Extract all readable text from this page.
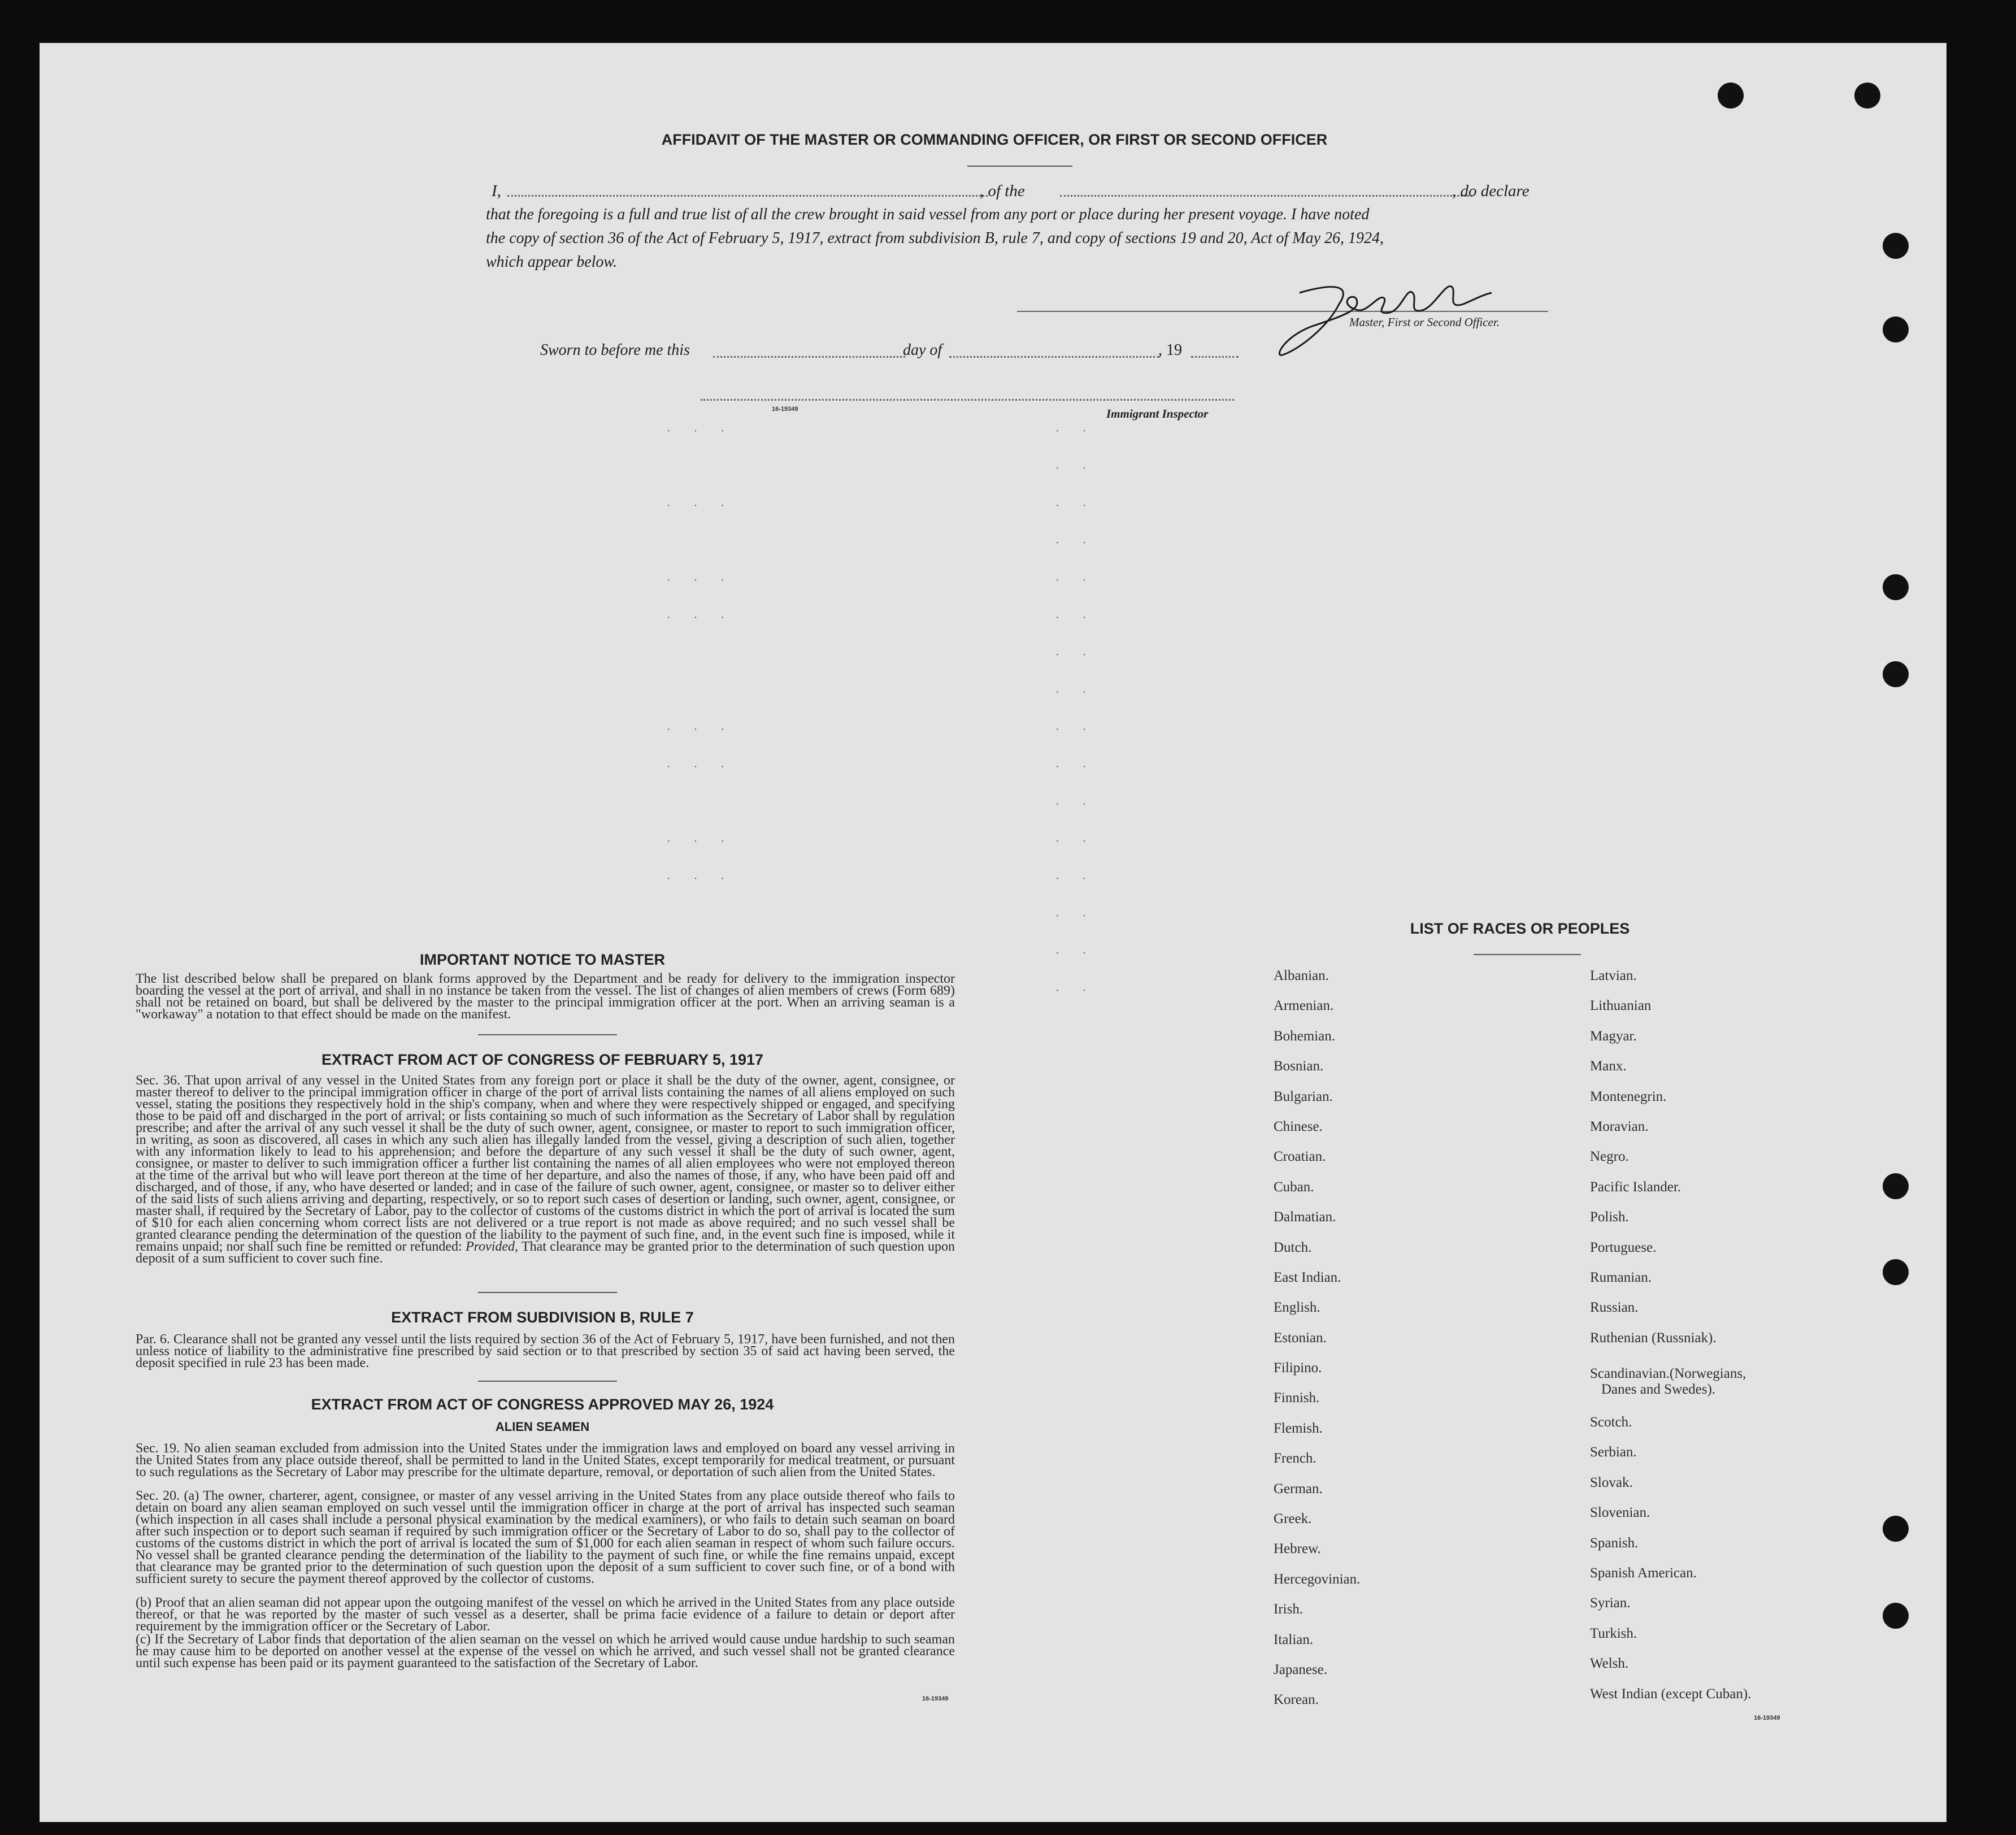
AFFIDAVIT OF THE MASTER OR COMMANDING OFFICER, OR FIRST OR SECOND OFFICER
I,	, of the	, do declare
that the foregoing is a full and true list of all the crew brought in said vessel from any port or place during her present voyage. I have noted
the copy of section 36 of the Act of February 5, 1917, extract from subdivision B, rule 7, and copy of sections 19 and 20, Act of May 26, 1924,
which appear below.
Master, First or Second Officer.
Sworn to before me this	day of	, 19
16-19349	Immigrant Inspector
· · ·

· · ·

· · ·
· · ·

· · ·
· · ·

· · ·
· · ·

· ·
· ·
· ·
· ·
· ·
· ·
· ·
· ·
· ·
· ·
· ·
· ·
· ·
· ·
· ·
· ·

IMPORTANT NOTICE TO MASTER
The list described below shall be prepared on blank forms approved by the Department and be ready for delivery to the immigration inspector boarding the vessel at the port of arrival, and shall in no instance be taken from the vessel. The list of changes of alien members of crews (Form 689) shall not be retained on board, but shall be delivered by the master to the principal immigration officer at the port. When an arriving seaman is a "workaway" a notation to that effect should be made on the manifest.
EXTRACT FROM ACT OF CONGRESS OF FEBRUARY 5, 1917
Sec. 36. That upon arrival of any vessel in the United States from any foreign port or place it shall be the duty of the owner, agent, consignee, or master thereof to deliver to the principal immigration officer in charge of the port of arrival lists containing the names of all aliens employed on such vessel, stating the positions they respectively hold in the ship's company, when and where they were respectively shipped or engaged, and specifying those to be paid off and discharged in the port of arrival; or lists containing so much of such information as the Secretary of Labor shall by regulation prescribe; and after the arrival of any such vessel it shall be the duty of such owner, agent, consignee, or master to report to such immigration officer, in writing, as soon as discovered, all cases in which any such alien has illegally landed from the vessel, giving a description of such alien, together with any information likely to lead to his apprehension; and before the departure of any such vessel it shall be the duty of such owner, agent, consignee, or master to deliver to such immigration officer a further list containing the names of all alien employees who were not employed thereon at the time of the arrival but who will leave port thereon at the time of her departure, and also the names of those, if any, who have been paid off and discharged, and of those, if any, who have deserted or landed; and in case of the failure of such owner, agent, consignee, or master so to deliver either of the said lists of such aliens arriving and departing, respectively, or so to report such cases of desertion or landing, such owner, agent, consignee, or master shall, if required by the Secretary of Labor, pay to the collector of customs of the customs district in which the port of arrival is located the sum of $10 for each alien concerning whom correct lists are not delivered or a true report is not made as above required; and no such vessel shall be granted clearance pending the determination of the question of the liability to the payment of such fine, and, in the event such fine is imposed, while it remains unpaid; nor shall such fine be remitted or refunded: Provided, That clearance may be granted prior to the determination of such question upon deposit of a sum sufficient to cover such fine.
EXTRACT FROM SUBDIVISION B, RULE 7
Par. 6. Clearance shall not be granted any vessel until the lists required by section 36 of the Act of February 5, 1917, have been furnished, and not then unless notice of liability to the administrative fine prescribed by said section or to that prescribed by section 35 of said act having been served, the deposit specified in rule 23 has been made.
EXTRACT FROM ACT OF CONGRESS APPROVED MAY 26, 1924
ALIEN SEAMEN
Sec. 19. No alien seaman excluded from admission into the United States under the immigration laws and employed on board any vessel arriving in the United States from any place outside thereof, shall be permitted to land in the United States, except temporarily for medical treatment, or pursuant to such regulations as the Secretary of Labor may prescribe for the ultimate departure, removal, or deportation of such alien from the United States.
Sec. 20. (a) The owner, charterer, agent, consignee, or master of any vessel arriving in the United States from any place outside thereof who fails to detain on board any alien seaman employed on such vessel until the immigration officer in charge at the port of arrival has inspected such seaman (which inspection in all cases shall include a personal physical examination by the medical examiners), or who fails to detain such seaman on board after such inspection or to deport such seaman if required by such immigration officer or the Secretary of Labor to do so, shall pay to the collector of customs of the customs district in which the port of arrival is located the sum of $1,000 for each alien seaman in respect of whom such failure occurs. No vessel shall be granted clearance pending the determination of the liability to the payment of such fine, or while the fine remains unpaid, except that clearance may be granted prior to the determination of such question upon the deposit of a sum sufficient to cover such fine, or of a bond with sufficient surety to secure the payment thereof approved by the collector of customs.
(b) Proof that an alien seaman did not appear upon the outgoing manifest of the vessel on which he arrived in the United States from any place outside thereof, or that he was reported by the master of such vessel as a deserter, shall be prima facie evidence of a failure to detain or deport after requirement by the immigration officer or the Secretary of Labor.
(c) If the Secretary of Labor finds that deportation of the alien seaman on the vessel on which he arrived would cause undue hardship to such seaman he may cause him to be deported on another vessel at the expense of the vessel on which he arrived, and such vessel shall not be granted clearance until such expense has been paid or its payment guaranteed to the satisfaction of the Secretary of Labor.
16-19349
LIST OF RACES OR PEOPLES
Albanian.
Armenian.
Bohemian.
Bosnian.
Bulgarian.
Chinese.
Croatian.
Cuban.
Dalmatian.
Dutch.
East Indian.
English.
Estonian.
Filipino.
Finnish.
Flemish.
French.
German.
Greek.
Hebrew.
Hercegovinian.
Irish.
Italian.
Japanese.
Korean.
Latvian.
Lithuanian
Magyar.
Manx.
Montenegrin.
Moravian.
Negro.
Pacific Islander.
Polish.
Portuguese.
Rumanian.
Russian.
Ruthenian (Russniak).
Scandinavian.(Norwegians,
Danes and Swedes).
Scotch.
Serbian.
Slovak.
Slovenian.
Spanish.
Spanish American.
Syrian.
Turkish.
Welsh.
West Indian (except Cuban).
16-19349
